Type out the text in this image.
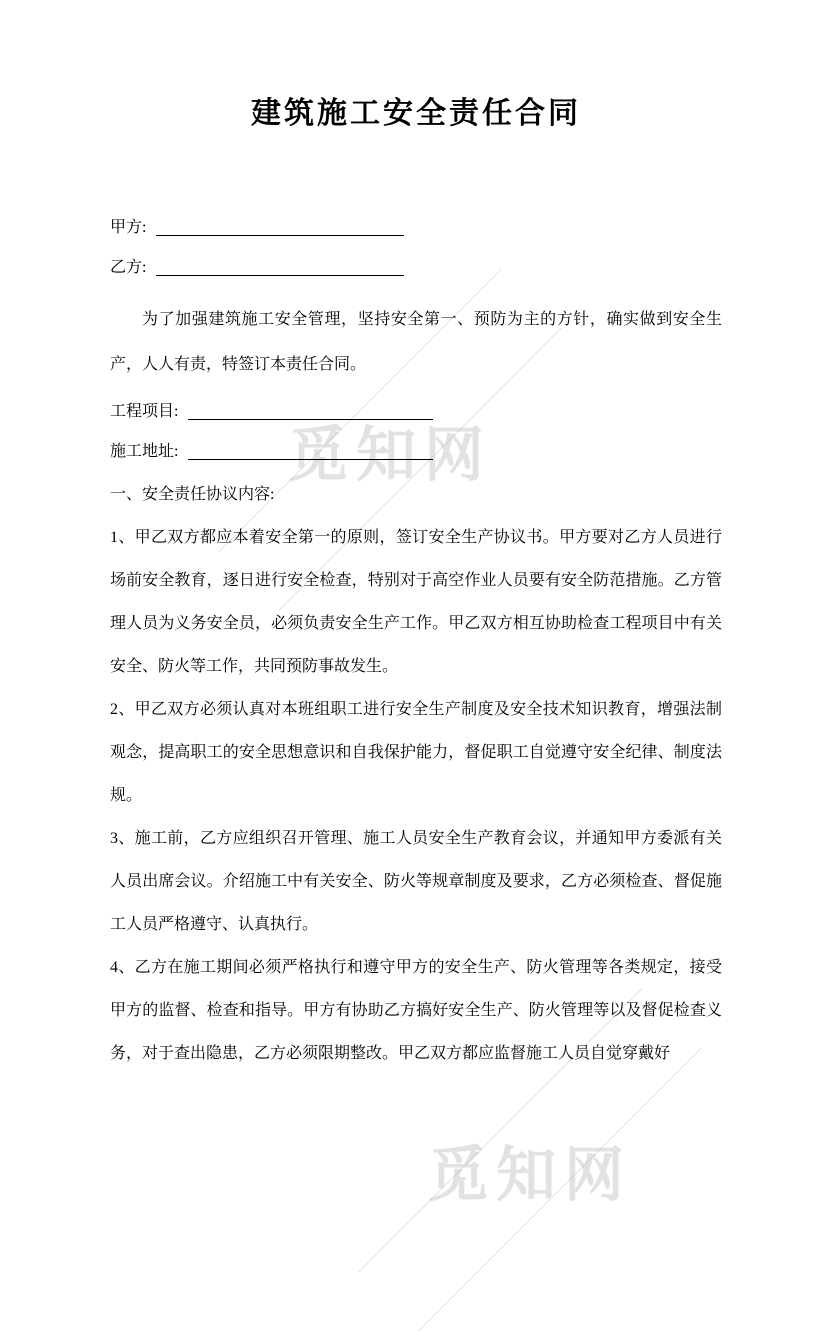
觅知网
觅知网
建筑施工安全责任合同
甲方:
乙方:

为了加强建筑施工安全管理，坚持安全第一、预防为主的方针，确实做到安全生产，人人有责，特签订本责任合同。

工程项目:
施工地址:

一、安全责任协议内容:

1、甲乙双方都应本着安全第一的原则，签订安全生产协议书。甲方要对乙方人员进行场前安全教育，逐日进行安全检查，特别对于高空作业人员要有安全防范措施。乙方管理人员为义务安全员，必须负责安全生产工作。甲乙双方相互协助检查工程项目中有关安全、防火等工作，共同预防事故发生。

2、甲乙双方必须认真对本班组职工进行安全生产制度及安全技术知识教育，增强法制观念，提高职工的安全思想意识和自我保护能力，督促职工自觉遵守安全纪律、制度法规。

3、施工前，乙方应组织召开管理、施工人员安全生产教育会议，并通知甲方委派有关人员出席会议。介绍施工中有关安全、防火等规章制度及要求，乙方必须检查、督促施工人员严格遵守、认真执行。

4、乙方在施工期间必须严格执行和遵守甲方的安全生产、防火管理等各类规定，接受甲方的监督、检查和指导。甲方有协助乙方搞好安全生产、防火管理等以及督促检查义务，对于查出隐患，乙方必须限期整改。甲乙双方都应监督施工人员自觉穿戴好
